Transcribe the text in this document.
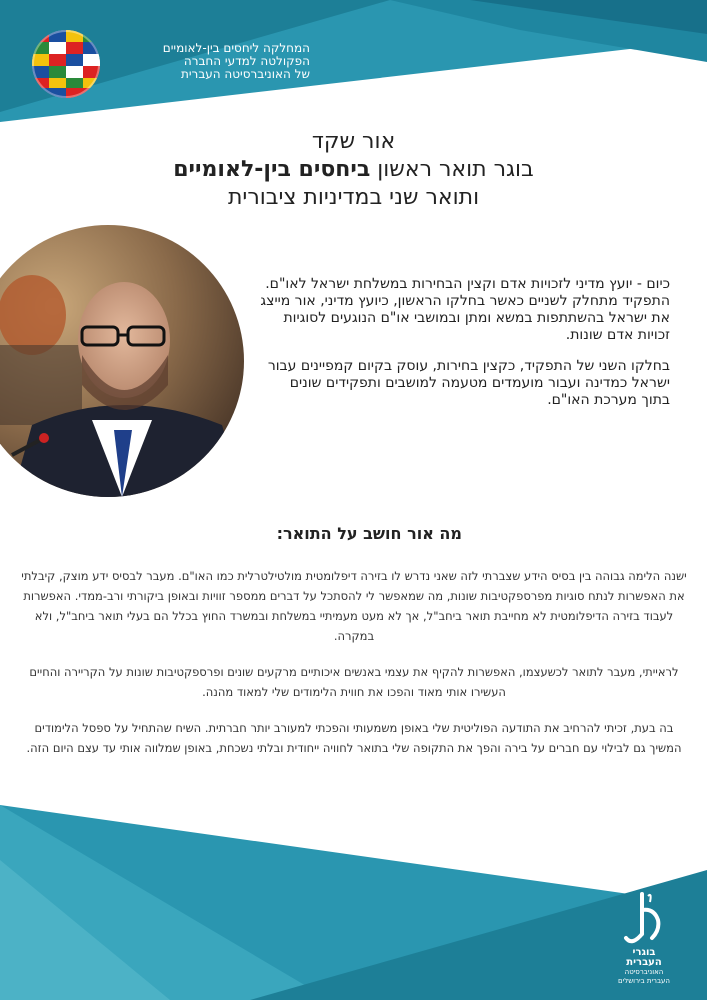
המחלקה ליחסים בין-לאומיים
הפקולטה למדעי החברה
של האוניברסיטה העברית
אור שקד
בוגר תואר ראשון ביחסים בין-לאומיים
ותואר שני במדיניות ציבורית

כיום - יועץ מדיני לזכויות אדם וקצין הבחירות במשלחת ישראל לאו"ם. התפקיד מתחלק לשניים כאשר בחלקו הראשון, כיועץ מדיני, אור מייצג את ישראל בהשתתפות במשא ומתן ובמושבי או"ם הנוגעים לסוגיות זכויות אדם שונות.

בחלקו השני של התפקיד, כקצין בחירות, עוסק בקיום קמפיינים עבור ישראל כמדינה ועבור מועמדים מטעמה למושבים ותפקידים שונים בתוך מערכת האו"ם.

מה אור חושב על התואר:

ישנה הלימה גבוהה בין בסיס הידע שצברתי לזה שאני נדרש לו בזירה דיפלומטית מולטילטרלית כמו האו"ם. מעבר לבסיס ידע מוצק, קיבלתי את האפשרות לנתח סוגיות מפרספקטיבות שונות, מה שמאפשר לי להסתכל על דברים ממספר זוויות ובאופן ביקורתי ורב-ממדי. האפשרות לעבוד בזירה הדיפלומטית לא מחייבת תואר ביחב"ל, אך לא מעט מעמיתיי במשלחת ובמשרד החוץ בכלל הם בעלי תואר ביחב"ל, ולא במקרה.

לראייתי, מעבר לתואר לכשעצמו, האפשרות להקיף את עצמי באנשים איכותיים מרקעים שונים ופרספקטיבות שונות על הקריירה והחיים העשירו אותי מאוד והפכו את חווית הלימודים שלי למאוד מהנה.

בה בעת, זכיתי להרחיב את התודעה הפוליטית שלי באופן משמעותי והפכתי למעורב יותר חברתית. השיח שהתחיל על ספסל הלימודים המשיך גם לבילוי עם חברים על בירה והפך את התקופה שלי בתואר לחוויה ייחודית ובלתי נשכחת, באופן שמלווה אותי עד עצם היום הזה.

בוגרי
העברית
האוניברסיטה
העברית בירושלים
